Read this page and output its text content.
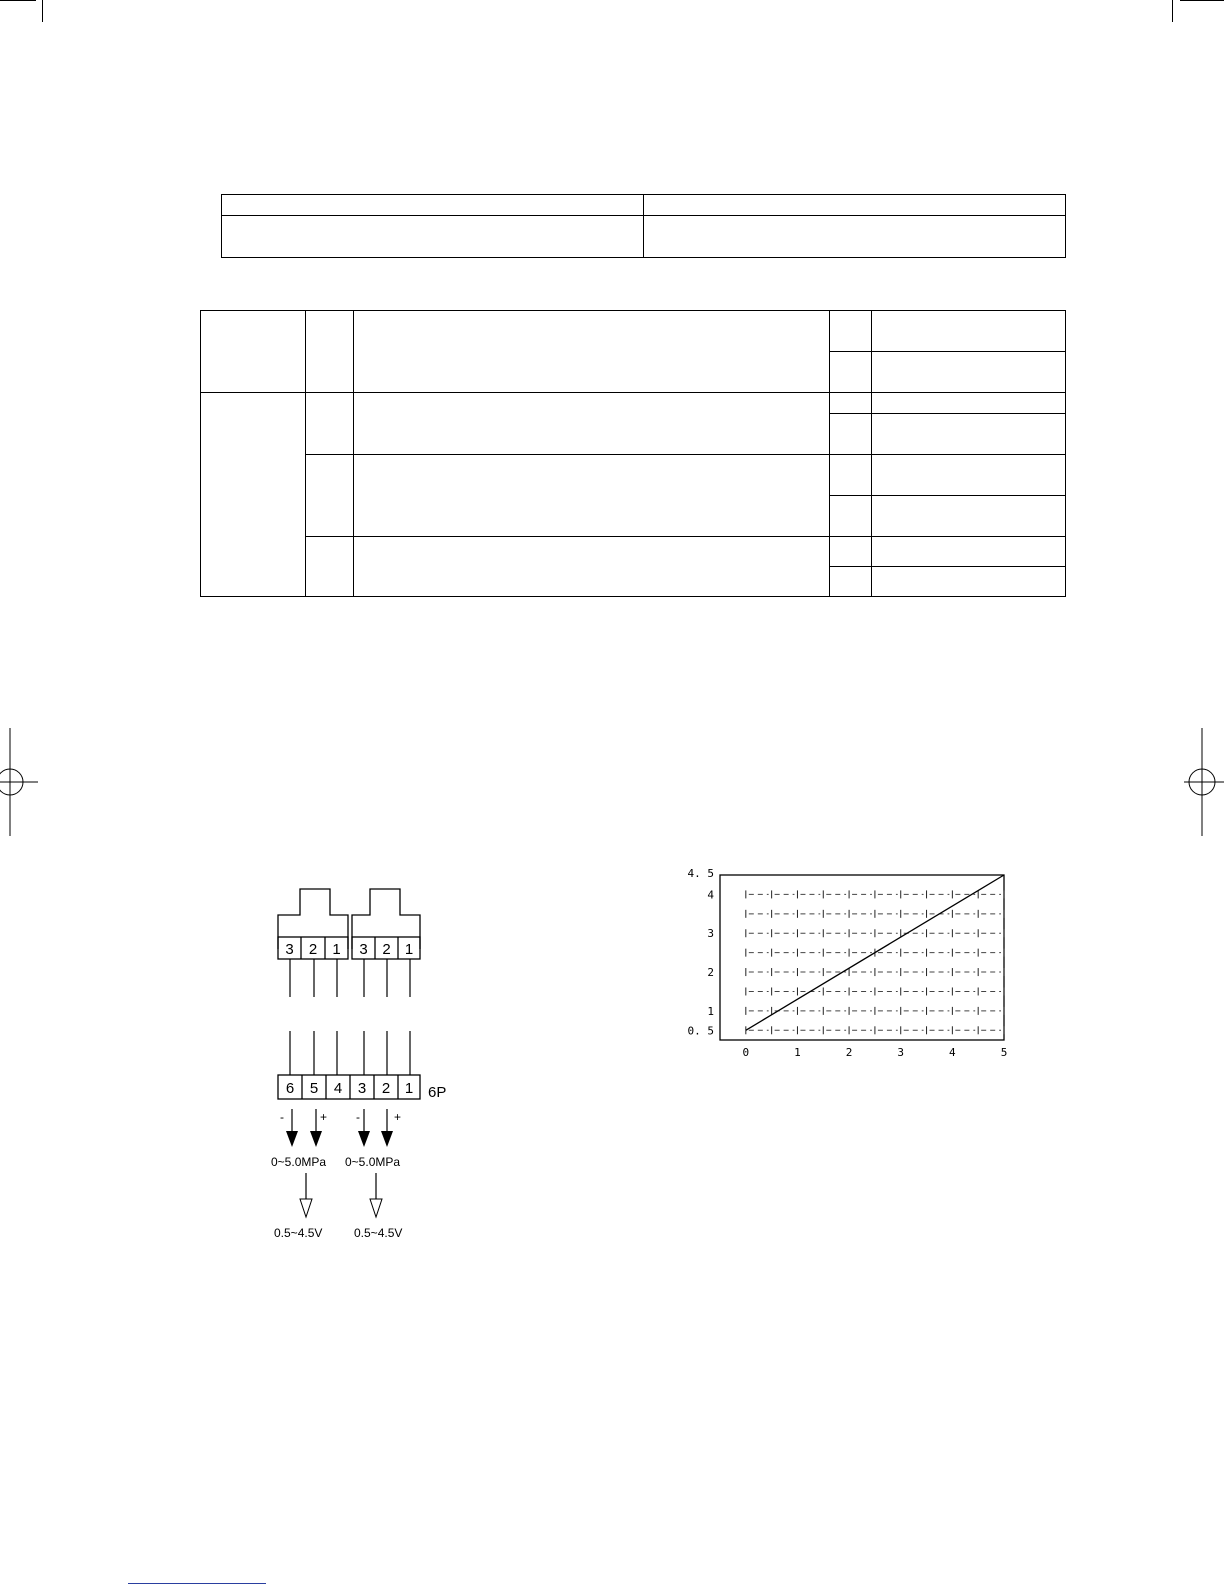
3 2 1 3 2 1
6 5 4 3 2 1 6P
-	+ -	+
0~5.0MPa 0~5.0MPa
0.5~4.5V	0.5~4.5V
0. 5
1
2
3
4
4. 5
0	1	2	3	4	5
